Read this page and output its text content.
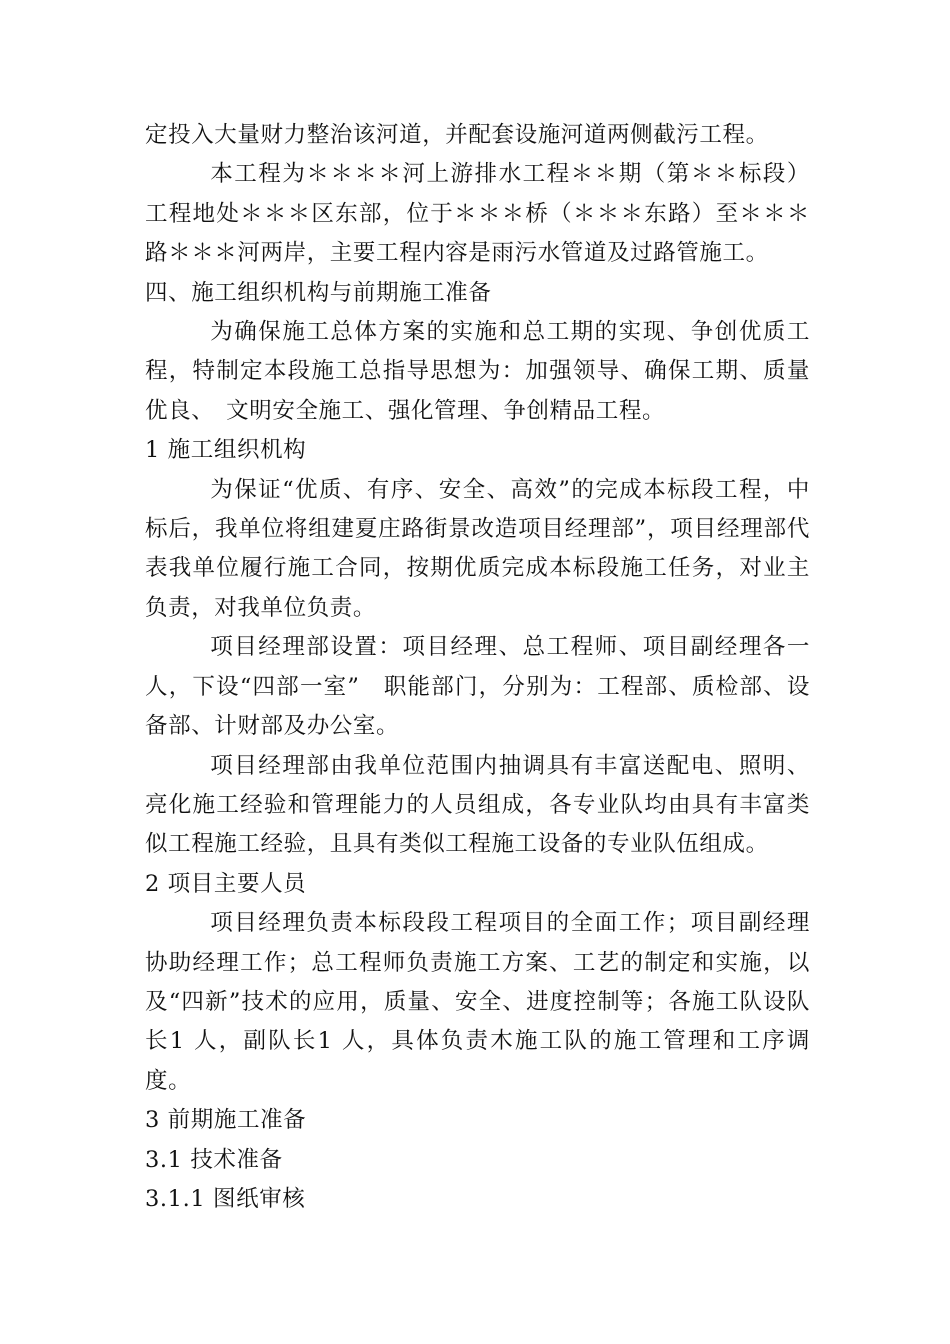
定投入大量财力整治该河道，并配套设施河道两侧截污工程。

本工程为＊＊＊＊河上游排水工程＊＊期（第＊＊标段）工程地处＊＊＊区东部，位于＊＊＊桥（＊＊＊东路）至＊＊＊路＊＊＊河两岸，主要工程内容是雨污水管道及过路管施工。

四、施工组织机构与前期施工准备

为确保施工总体方案的实施和总工期的实现、争创优质工程，特制定本段施工总指导思想为：加强领导、确保工期、质量优良、　文明安全施工、强化管理、争创精品工程。

1 施工组织机构

为保证“优质、有序、安全、高效”的完成本标段工程，中标后，我单位将组建夏庄路街景改造项目经理部”，项目经理部代表我单位履行施工合同，按期优质完成本标段施工任务，对业主负责，对我单位负责。

项目经理部设置：项目经理、总工程师、项目副经理各一人，下设“四部一室”　职能部门，分别为：工程部、质检部、设备部、计财部及办公室。

项目经理部由我单位范围内抽调具有丰富送配电、照明、亮化施工经验和管理能力的人员组成，各专业队均由具有丰富类似工程施工经验，且具有类似工程施工设备的专业队伍组成。

2 项目主要人员

项目经理负责本标段段工程项目的全面工作；项目副经理协助经理工作；总工程师负责施工方案、工艺的制定和实施，以及“四新”技术的应用，质量、安全、进度控制等；各施工队设队长1 人，副队长1 人，具体负责木施工队的施工管理和工序调度。

3 前期施工准备

3.1 技术准备

3.1.1 图纸审核
